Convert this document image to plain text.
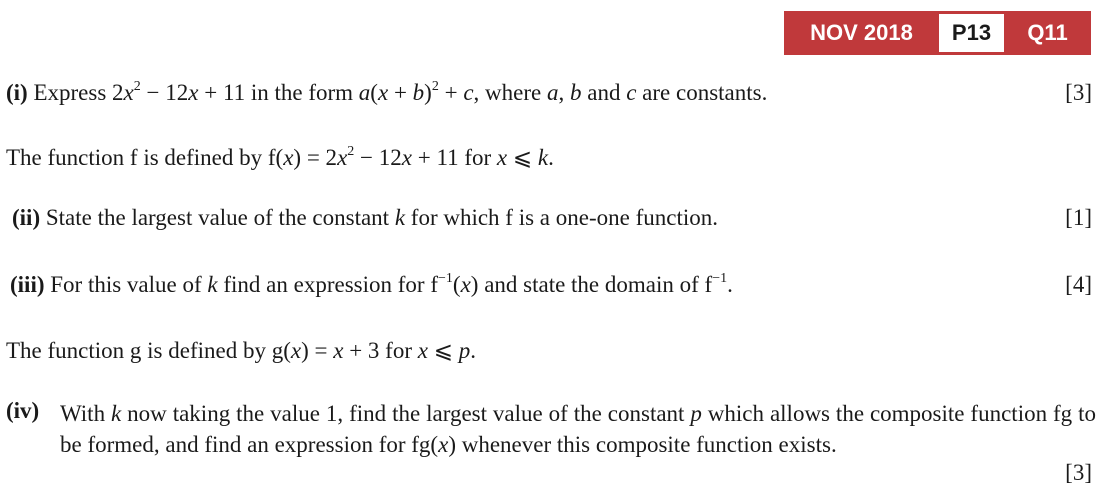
NOV 2018	P13	Q11
(i) Express $2x^2 - 12x + 11$ in the form $a(x + b)^2 + c$, where a, b and c are constants.	[3]
The function f is defined by $f(x) = 2x^2 - 12x + 11$ for x ⩽ k.
(ii) State the largest value of the constant k for which f is a one-one function.	[1]
(iii) For this value of k find an expression for $f^{-1}(x)$ and state the domain of $f^{-1}$.	[4]
The function g is defined by g(x) = x + 3 for x ⩽ p.
(iv) With k now taking the value 1, find the largest value of the constant p which allows the composite function fg to be formed, and find an expression for fg(x) whenever this composite function exists.
[3]
